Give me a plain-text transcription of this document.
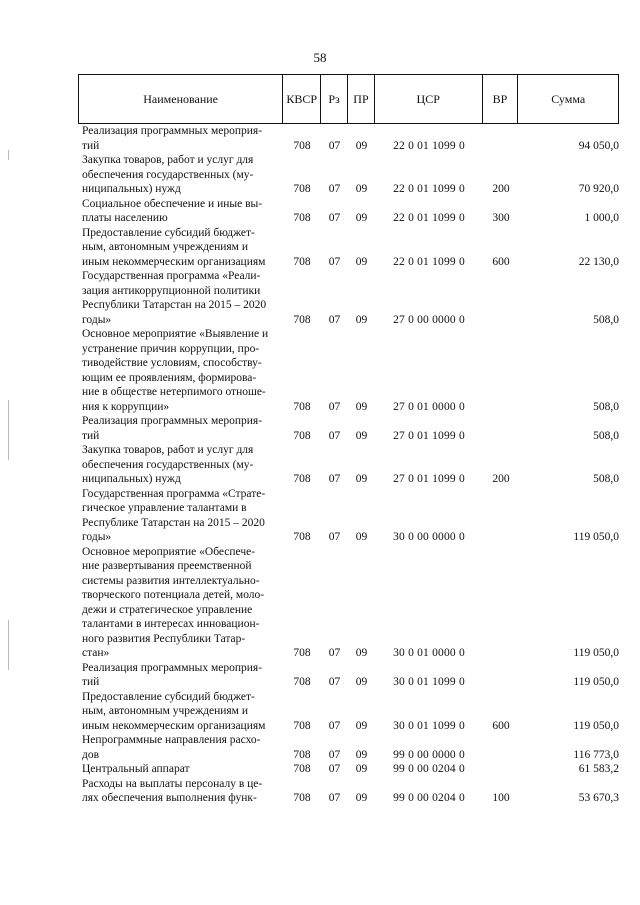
58
Наименование	КВСР Рз	ПР	ЦСР	ВР	Сумма
Реализация программных мероприя-
тий	708	07	09	22 0 01 1099 0	94 050,0
Закупка товаров, работ и услуг для
обеспечения государственных (му-
ниципальных) нужд	708	07	09	22 0 01 1099 0	200	70 920,0
Социальное обеспечение и иные вы-
платы населению	708	07	09	22 0 01 1099 0	300	1 000,0
Предоставление субсидий бюджет-
ным, автономным учреждениям и
иным некоммерческим организациям	708	07	09	22 0 01 1099 0	600	22 130,0
Государственная программа «Реали-
зация антикоррупционной политики
Республики Татарстан на 2015 – 2020
годы»	708	07	09	27 0 00 0000 0	508,0
Основное мероприятие «Выявление и
устранение причин коррупции, про-
тиводействие условиям, способству-
ющим ее проявлениям, формирова-
ние в обществе нетерпимого отноше-
ния к коррупции»	708	07	09	27 0 01 0000 0	508,0
Реализация программных мероприя-
тий	708	07	09	27 0 01 1099 0	508,0
Закупка товаров, работ и услуг для
обеспечения государственных (му-
ниципальных) нужд	708	07	09	27 0 01 1099 0	200	508,0
Государственная программа «Страте-
гическое управление талантами в
Республике Татарстан на 2015 – 2020
годы»	708	07	09	30 0 00 0000 0	119 050,0
Основное мероприятие «Обеспече-
ние развертывания преемственной
системы развития интеллектуально-
творческого потенциала детей, моло-
дежи и стратегическое управление
талантами в интересах инновацион-
ного развития Республики Татар-
стан»	708	07	09	30 0 01 0000 0	119 050,0
Реализация программных мероприя-
тий	708	07	09	30 0 01 1099 0	119 050,0
Предоставление субсидий бюджет-
ным, автономным учреждениям и
иным некоммерческим организациям	708	07	09	30 0 01 1099 0	600	119 050,0
Непрограммные направления расхо-
дов	708	07	09	99 0 00 0000 0	116 773,0
Центральный аппарат	708	07	09	99 0 00 0204 0	61 583,2
Расходы на выплаты персоналу в це-
лях обеспечения выполнения функ-	708	07	09	99 0 00 0204 0	100	53 670,3
